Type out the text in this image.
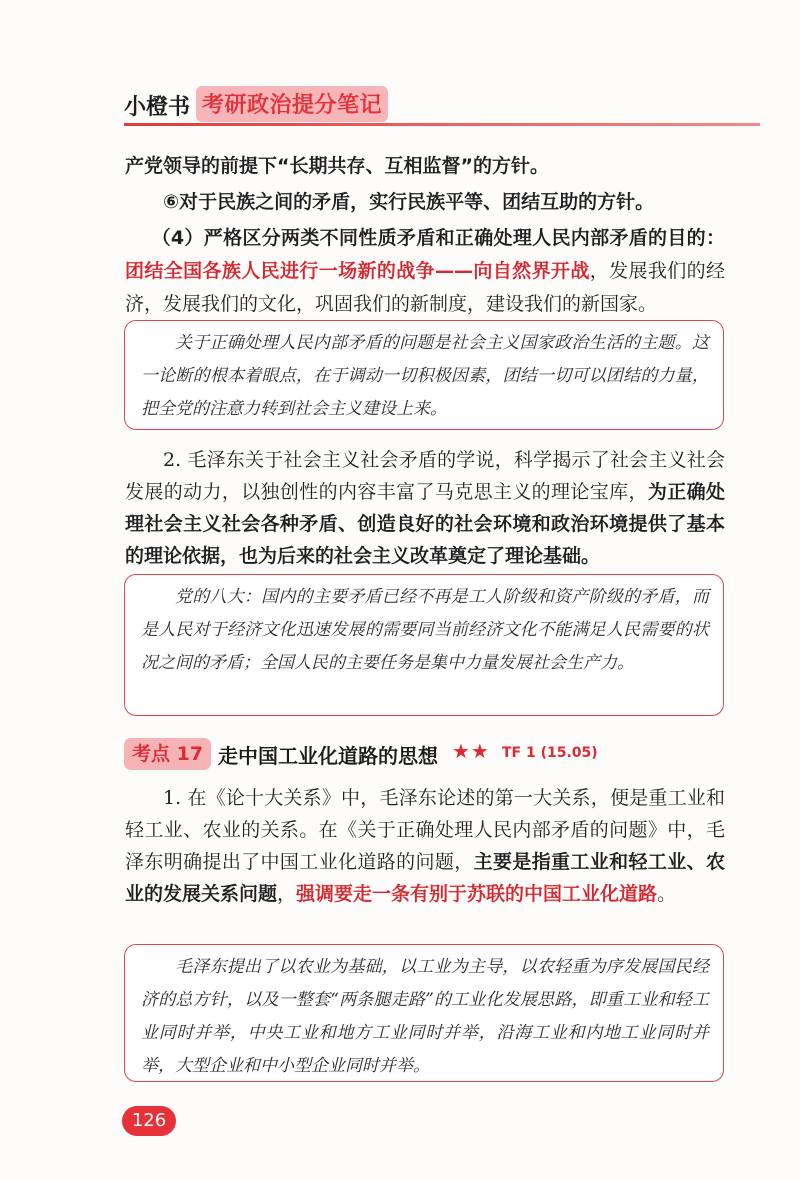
小橙书 考研政治提分笔记
产党领导的前提下“长期共存、互相监督”的方针。
⑥对于民族之间的矛盾，实行民族平等、团结互助的方针。
（4）严格区分两类不同性质矛盾和正确处理人民内部矛盾的目的：团结全国各族人民进行一场新的战争——向自然界开战，发展我们的经济，发展我们的文化，巩固我们的新制度，建设我们的新国家。
关于正确处理人民内部矛盾的问题是社会主义国家政治生活的主题。这一论断的根本着眼点，在于调动一切积极因素，团结一切可以团结的力量，把全党的注意力转到社会主义建设上来。
2. 毛泽东关于社会主义社会矛盾的学说，科学揭示了社会主义社会发展的动力，以独创性的内容丰富了马克思主义的理论宝库，为正确处理社会主义社会各种矛盾、创造良好的社会环境和政治环境提供了基本的理论依据，也为后来的社会主义改革奠定了理论基础。
党的八大：国内的主要矛盾已经不再是工人阶级和资产阶级的矛盾，而是人民对于经济文化迅速发展的需要同当前经济文化不能满足人民需要的状况之间的矛盾；全国人民的主要任务是集中力量发展社会生产力。
考点 17 走中国工业化道路的思想 ★★ TF 1 (15.05)
1. 在《论十大关系》中，毛泽东论述的第一大关系，便是重工业和轻工业、农业的关系。在《关于正确处理人民内部矛盾的问题》中，毛泽东明确提出了中国工业化道路的问题，主要是指重工业和轻工业、农业的发展关系问题，强调要走一条有别于苏联的中国工业化道路。
毛泽东提出了以农业为基础，以工业为主导，以农轻重为序发展国民经济的总方针，以及一整套“两条腿走路”的工业化发展思路，即重工业和轻工业同时并举，中央工业和地方工业同时并举，沿海工业和内地工业同时并举，大型企业和中小型企业同时并举。
126
